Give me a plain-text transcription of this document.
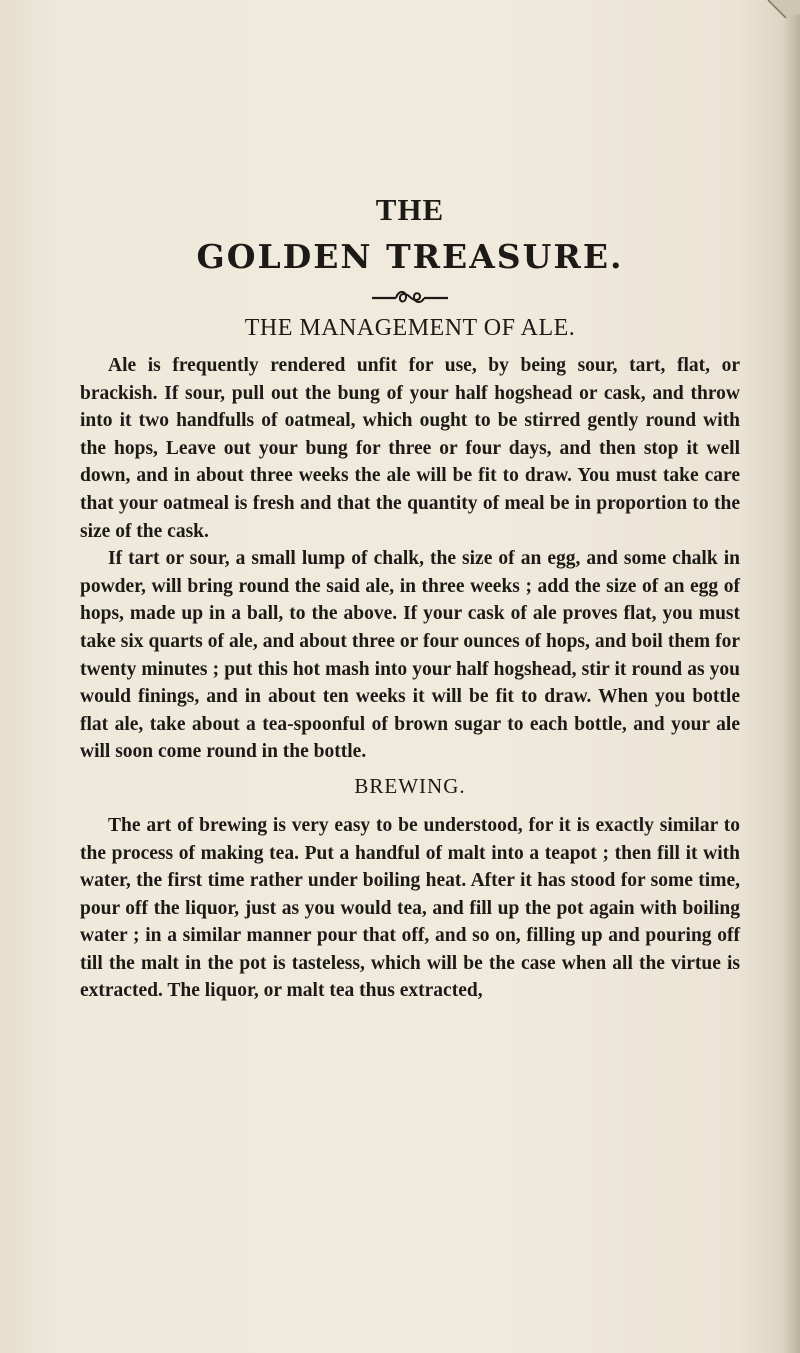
THE
GOLDEN TREASURE.
THE MANAGEMENT OF ALE.

Ale is frequently rendered unfit for use, by being sour, tart, flat, or brackish. If sour, pull out the bung of your half hogshead or cask, and throw into it two handfulls of oatmeal, which ought to be stirred gently round with the hops, Leave out your bung for three or four days, and then stop it well down, and in about three weeks the ale will be fit to draw. You must take care that your oatmeal is fresh and that the quantity of meal be in proportion to the size of the cask.

If tart or sour, a small lump of chalk, the size of an egg, and some chalk in powder, will bring round the said ale, in three weeks ; add the size of an egg of hops, made up in a ball, to the above. If your cask of ale proves flat, you must take six quarts of ale, and about three or four ounces of hops, and boil them for twenty minutes ; put this hot mash into your half hogshead, stir it round as you would finings, and in about ten weeks it will be fit to draw. When you bottle flat ale, take about a tea-spoonful of brown sugar to each bottle, and your ale will soon come round in the bottle.

BREWING.

The art of brewing is very easy to be understood, for it is exactly similar to the process of making tea. Put a handful of malt into a teapot ; then fill it with water, the first time rather under boiling heat. After it has stood for some time, pour off the liquor, just as you would tea, and fill up the pot again with boiling water ; in a similar manner pour that off, and so on, filling up and pouring off till the malt in the pot is tasteless, which will be the case when all the virtue is extracted. The liquor, or malt tea thus extracted,
